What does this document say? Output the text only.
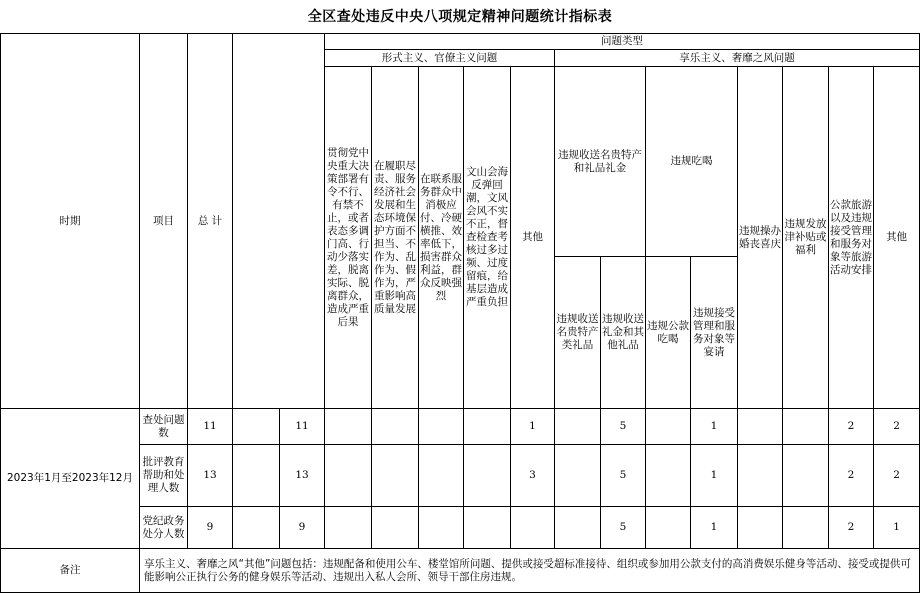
全区查处违反中央八项规定精神问题统计指标表
时期	项目	总 计			问题类型												
					形式主义、官僚主义问题					享乐主义、奢靡之风问题							
					贯彻党中央重大决策部署有令不行、有禁不止，或者表态多调门高、行动少落实差，脱离实际、脱离群众，造成严重后果	在履职尽责、服务经济社会发展和生态环境保护方面不担当、不作为、乱作为、假作为，严重影响高质量发展	在联系服务群众中消极应付、冷硬横推、效率低下，损害群众利益，群众反映强烈	文山会海反弹回潮，文风会风不实不正，督查检查考核过多过频、过度留痕，给基层造成严重负担	其他	违规收送名贵特产和礼品礼金		违规吃喝		违规操办婚丧喜庆	违规发放津补贴或福利	公款旅游以及违规接受管理和服务对象等旅游活动安排	其他
										违规收送名贵特产类礼品	违规收送礼金和其他礼品	违规公款吃喝	违规接受管理和服务对象等宴请				
2023年1月至2023年12月	查处问题数	11		11					1		5		1			2	2
	批评教育帮助和处理人数	13		13					3		5		1			2	2
	党纪政务处分人数	9		9							5		1			2	1
备注	享乐主义、奢靡之风“其他”问题包括：违规配备和使用公车、楼堂馆所问题、提供或接受超标准接待、组织或参加用公款支付的高消费娱乐健身等活动、接受或提供可能影响公正执行公务的健身娱乐等活动、违规出入私人会所、领导干部住房违规。																
